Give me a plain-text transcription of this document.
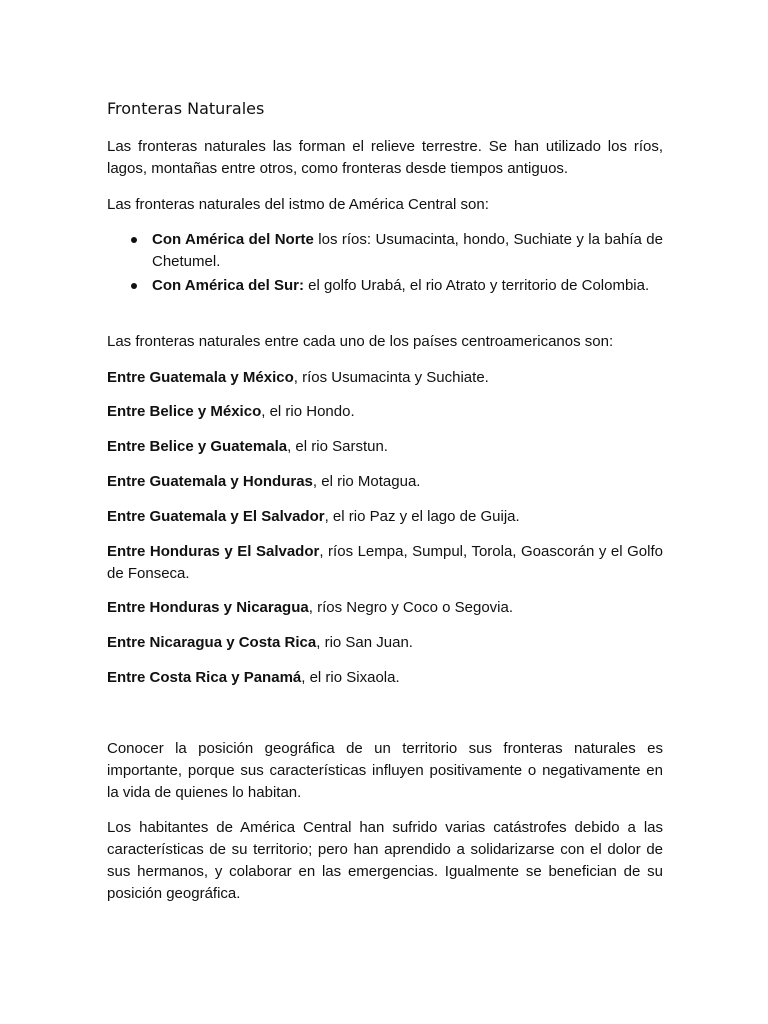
Fronteras Naturales

Las fronteras naturales las forman el relieve terrestre. Se han utilizado los ríos, lagos, montañas entre otros, como fronteras desde tiempos antiguos.

Las fronteras naturales del istmo de América Central son:

Con América del Norte los ríos: Usumacinta, hondo, Suchiate y la bahía de Chetumel.
Con América del Sur: el golfo Urabá, el rio Atrato y territorio de Colombia.

Las fronteras naturales entre cada uno de los países centroamericanos son:

Entre Guatemala y México, ríos Usumacinta y Suchiate.

Entre Belice y México, el rio Hondo.

Entre Belice y Guatemala, el rio Sarstun.

Entre Guatemala y Honduras, el rio Motagua.

Entre Guatemala y El Salvador, el rio Paz y el lago de Guija.

Entre Honduras y El Salvador, ríos Lempa, Sumpul, Torola, Goascorán y el Golfo de Fonseca.

Entre Honduras y Nicaragua, ríos Negro y Coco o Segovia.

Entre Nicaragua y Costa Rica, rio San Juan.

Entre Costa Rica y Panamá, el rio Sixaola.

Conocer la posición geográfica de un territorio sus fronteras naturales es importante, porque sus características influyen positivamente o negativamente en la vida de quienes lo habitan.

Los habitantes de América Central han sufrido varias catástrofes debido a las características de su territorio; pero han aprendido a solidarizarse con el dolor de sus hermanos, y colaborar en las emergencias. Igualmente se benefician de su posición geográfica.
